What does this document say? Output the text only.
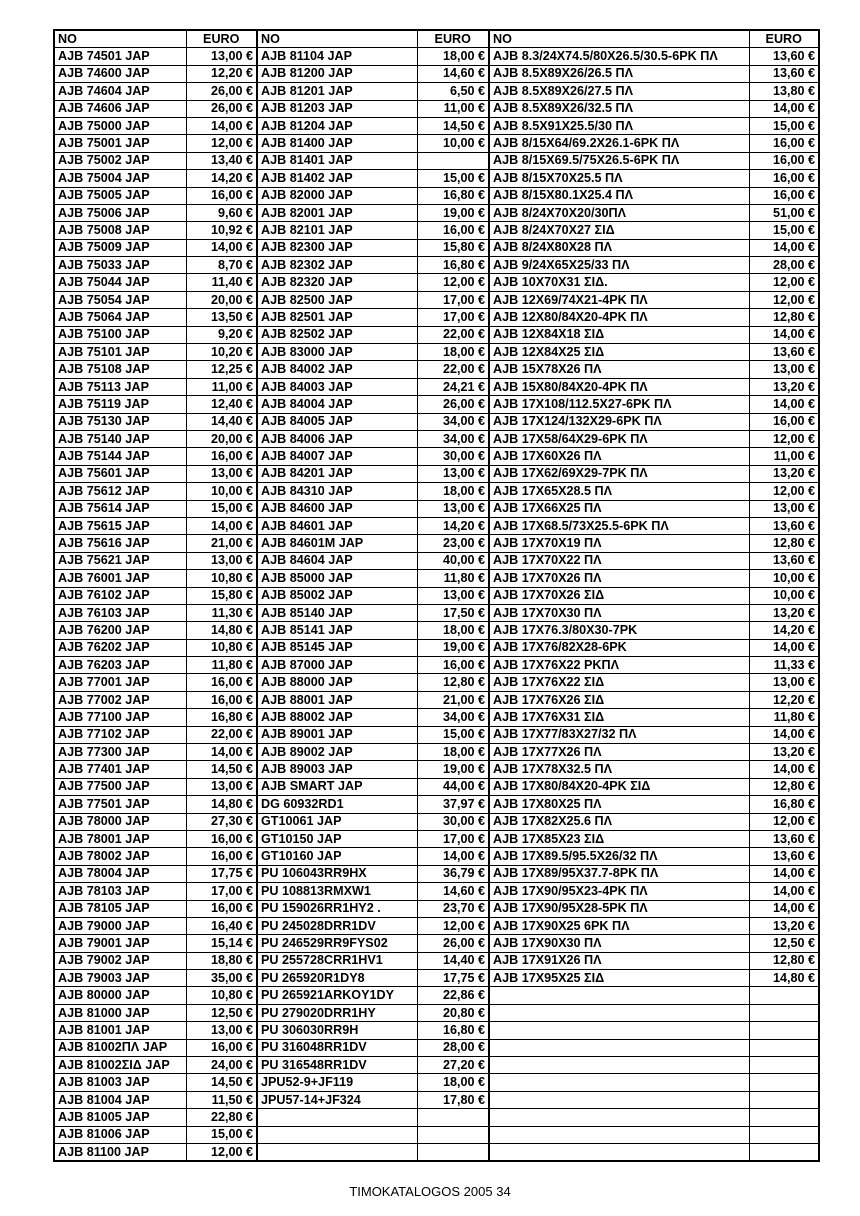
NO	EURO	NO	EURO	NO	EURO
AJB 74501 JAP	13,00 €	AJB 81104 JAP	18,00 €	AJB 8.3/24X74.5/80X26.5/30.5-6PK ΠΛ	13,60 €
AJB 74600 JAP	12,20 €	AJB 81200 JAP	14,60 €	AJB 8.5X89X26/26.5 ΠΛ	13,60 €
AJB 74604 JAP	26,00 €	AJB 81201 JAP	6,50 €	AJB 8.5X89X26/27.5 ΠΛ	13,80 €
AJB 74606 JAP	26,00 €	AJB 81203 JAP	11,00 €	AJB 8.5X89X26/32.5 ΠΛ	14,00 €
AJB 75000 JAP	14,00 €	AJB 81204 JAP	14,50 €	AJB 8.5X91X25.5/30 ΠΛ	15,00 €
AJB 75001 JAP	12,00 €	AJB 81400 JAP	10,00 €	AJB 8/15X64/69.2X26.1-6PK ΠΛ	16,00 €
AJB 75002 JAP	13,40 €	AJB 81401 JAP		AJB 8/15X69.5/75X26.5-6PK ΠΛ	16,00 €
AJB 75004 JAP	14,20 €	AJB 81402 JAP	15,00 €	AJB 8/15X70X25.5 ΠΛ	16,00 €
AJB 75005 JAP	16,00 €	AJB 82000 JAP	16,80 €	AJB 8/15X80.1X25.4 ΠΛ	16,00 €
AJB 75006 JAP	9,60 €	AJB 82001 JAP	19,00 €	AJB 8/24X70X20/30ΠΛ	51,00 €
AJB 75008 JAP	10,92 €	AJB 82101 JAP	16,00 €	AJB 8/24X70X27 ΣΙΔ	15,00 €
AJB 75009 JAP	14,00 €	AJB 82300 JAP	15,80 €	AJB 8/24X80X28 ΠΛ	14,00 €
AJB 75033 JAP	8,70 €	AJB 82302 JAP	16,80 €	AJB 9/24X65X25/33 ΠΛ	28,00 €
AJB 75044 JAP	11,40 €	AJB 82320 JAP	12,00 €	AJB 10X70X31 ΣΙΔ.	12,00 €
AJB 75054 JAP	20,00 €	AJB 82500 JAP	17,00 €	AJB 12X69/74X21-4PK ΠΛ	12,00 €
AJB 75064 JAP	13,50 €	AJB 82501 JAP	17,00 €	AJB 12X80/84X20-4PK ΠΛ	12,80 €
AJB 75100 JAP	9,20 €	AJB 82502 JAP	22,00 €	AJB 12X84X18 ΣΙΔ	14,00 €
AJB 75101 JAP	10,20 €	AJB 83000 JAP	18,00 €	AJB 12X84X25 ΣΙΔ	13,60 €
AJB 75108 JAP	12,25 €	AJB 84002 JAP	22,00 €	AJB 15X78X26 ΠΛ	13,00 €
AJB 75113 JAP	11,00 €	AJB 84003 JAP	24,21 €	AJB 15X80/84X20-4PK ΠΛ	13,20 €
AJB 75119 JAP	12,40 €	AJB 84004 JAP	26,00 €	AJB 17X108/112.5X27-6PK ΠΛ	14,00 €
AJB 75130 JAP	14,40 €	AJB 84005 JAP	34,00 €	AJB 17X124/132X29-6PK ΠΛ	16,00 €
AJB 75140 JAP	20,00 €	AJB 84006 JAP	34,00 €	AJB 17X58/64X29-6PK ΠΛ	12,00 €
AJB 75144 JAP	16,00 €	AJB 84007 JAP	30,00 €	AJB 17X60X26 ΠΛ	11,00 €
AJB 75601 JAP	13,00 €	AJB 84201 JAP	13,00 €	AJB 17X62/69X29-7PK ΠΛ	13,20 €
AJB 75612 JAP	10,00 €	AJB 84310 JAP	18,00 €	AJB 17X65X28.5 ΠΛ	12,00 €
AJB 75614 JAP	15,00 €	AJB 84600 JAP	13,00 €	AJB 17X66X25 ΠΛ	13,00 €
AJB 75615 JAP	14,00 €	AJB 84601 JAP	14,20 €	AJB 17X68.5/73X25.5-6PK ΠΛ	13,60 €
AJB 75616 JAP	21,00 €	AJB 84601M JAP	23,00 €	AJB 17X70X19 ΠΛ	12,80 €
AJB 75621 JAP	13,00 €	AJB 84604 JAP	40,00 €	AJB 17X70X22 ΠΛ	13,60 €
AJB 76001 JAP	10,80 €	AJB 85000 JAP	11,80 €	AJB 17X70X26 ΠΛ	10,00 €
AJB 76102 JAP	15,80 €	AJB 85002 JAP	13,00 €	AJB 17X70X26 ΣΙΔ	10,00 €
AJB 76103 JAP	11,30 €	AJB 85140 JAP	17,50 €	AJB 17X70X30 ΠΛ	13,20 €
AJB 76200 JAP	14,80 €	AJB 85141 JAP	18,00 €	AJB 17X76.3/80X30-7PK	14,20 €
AJB 76202 JAP	10,80 €	AJB 85145 JAP	19,00 €	AJB 17X76/82X28-6PK	14,00 €
AJB 76203 JAP	11,80 €	AJB 87000 JAP	16,00 €	AJB 17X76X22 PKΠΛ	11,33 €
AJB 77001 JAP	16,00 €	AJB 88000 JAP	12,80 €	AJB 17X76X22 ΣΙΔ	13,00 €
AJB 77002 JAP	16,00 €	AJB 88001 JAP	21,00 €	AJB 17X76X26 ΣΙΔ	12,20 €
AJB 77100 JAP	16,80 €	AJB 88002 JAP	34,00 €	AJB 17X76X31 ΣΙΔ	11,80 €
AJB 77102 JAP	22,00 €	AJB 89001 JAP	15,00 €	AJB 17X77/83X27/32 ΠΛ	14,00 €
AJB 77300 JAP	14,00 €	AJB 89002 JAP	18,00 €	AJB 17X77X26 ΠΛ	13,20 €
AJB 77401 JAP	14,50 €	AJB 89003 JAP	19,00 €	AJB 17X78X32.5 ΠΛ	14,00 €
AJB 77500 JAP	13,00 €	AJB SMART JAP	44,00 €	AJB 17X80/84X20-4PK ΣΙΔ	12,80 €
AJB 77501 JAP	14,80 €	DG 60932RD1	37,97 €	AJB 17X80X25 ΠΛ	16,80 €
AJB 78000 JAP	27,30 €	GT10061 JAP	30,00 €	AJB 17X82X25.6 ΠΛ	12,00 €
AJB 78001 JAP	16,00 €	GT10150 JAP	17,00 €	AJB 17X85X23 ΣΙΔ	13,60 €
AJB 78002 JAP	16,00 €	GT10160 JAP	14,00 €	AJB 17X89.5/95.5X26/32 ΠΛ	13,60 €
AJB 78004 JAP	17,75 €	PU 106043RR9HX	36,79 €	AJB 17X89/95X37.7-8PK ΠΛ	14,00 €
AJB 78103 JAP	17,00 €	PU 108813RMXW1	14,60 €	AJB 17X90/95X23-4PK ΠΛ	14,00 €
AJB 78105 JAP	16,00 €	PU 159026RR1HY2 .	23,70 €	AJB 17X90/95X28-5PK ΠΛ	14,00 €
AJB 79000 JAP	16,40 €	PU 245028DRR1DV	12,00 €	AJB 17X90X25 6PK ΠΛ	13,20 €
AJB 79001 JAP	15,14 €	PU 246529RR9FYS02	26,00 €	AJB 17X90X30 ΠΛ	12,50 €
AJB 79002 JAP	18,80 €	PU 255728CRR1HV1	14,40 €	AJB 17X91X26 ΠΛ	12,80 €
AJB 79003 JAP	35,00 €	PU 265920R1DY8	17,75 €	AJB 17X95X25 ΣΙΔ	14,80 €
AJB 80000 JAP	10,80 €	PU 265921ARKOY1DY	22,86 €		
AJB 81000 JAP	12,50 €	PU 279020DRR1HY	20,80 €		
AJB 81001 JAP	13,00 €	PU 306030RR9H	16,80 €		
AJB 81002ΠΛ JAP	16,00 €	PU 316048RR1DV	28,00 €		
AJB 81002ΣΙΔ JAP	24,00 €	PU 316548RR1DV	27,20 €		
AJB 81003 JAP	14,50 €	JPU52-9+JF119	18,00 €		
AJB 81004 JAP	11,50 €	JPU57-14+JF324	17,80 €		
AJB 81005 JAP	22,80 €				
AJB 81006 JAP	15,00 €				
AJB 81100 JAP	12,00 €				
TIMOKATALOGOS 2005 34
